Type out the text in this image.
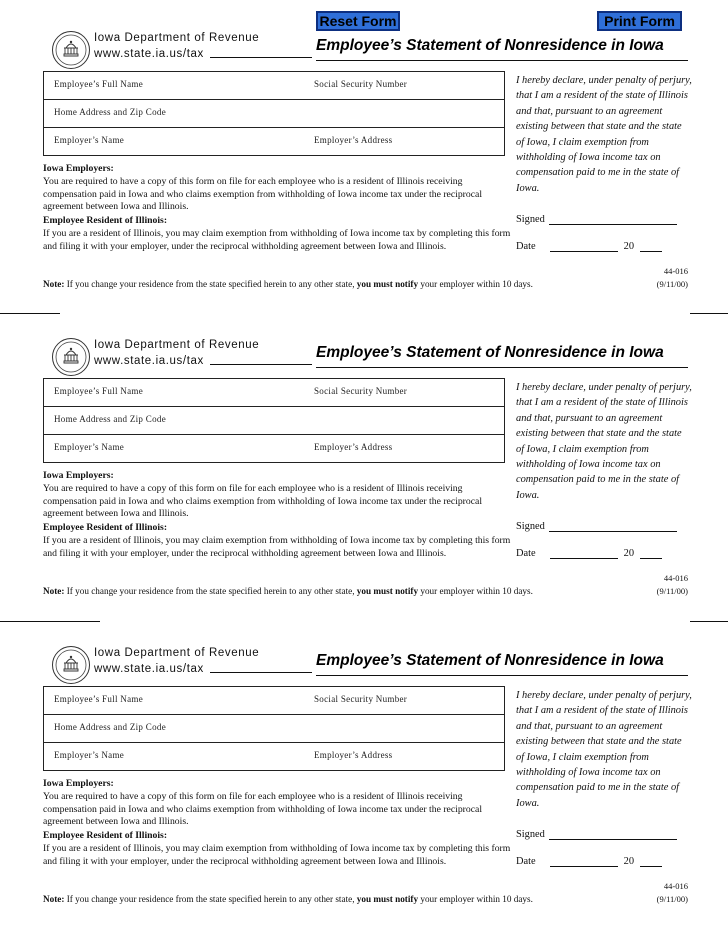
Reset Form	Print Form
Iowa Department of Revenue
www.state.ia.us/tax	Employee’s Statement of Nonresidence in Iowa
Employee’s Full Name	Social Security Number
Home Address and Zip Code
Employer’s Name	Employer’s Address
Iowa Employers:
You are required to have a copy of this form on file for each employee who is a resident of Illinois receiving compensation paid in Iowa and who claims exemption from withholding of Iowa income tax under the reciprocal agreement between Iowa and Illinois.
Employee Resident of Illinois:
If you are a resident of Illinois, you may claim exemption from withholding of Iowa income tax by completing this form and filing it with your employer, under the reciprocal withholding agreement between Iowa and Illinois.
I hereby declare, under penalty of perjury, that I am a resident of the state of Illinois and that, pursuant to an agreement existing between that state and the state of Iowa, I claim exemption from withholding of Iowa income tax on compensation paid to me in the state of Iowa.
Signed
Date	20
44-016
(9/11/00)
Note: If you change your residence from the state specified herein to any other state, you must notify your employer within 10 days.
Iowa Department of Revenue
www.state.ia.us/tax	Employee’s Statement of Nonresidence in Iowa
Employee’s Full Name	Social Security Number
Home Address and Zip Code
Employer’s Name	Employer’s Address
Iowa Employers:
You are required to have a copy of this form on file for each employee who is a resident of Illinois receiving compensation paid in Iowa and who claims exemption from withholding of Iowa income tax under the reciprocal agreement between Iowa and Illinois.
Employee Resident of Illinois:
If you are a resident of Illinois, you may claim exemption from withholding of Iowa income tax by completing this form and filing it with your employer, under the reciprocal withholding agreement between Iowa and Illinois.
I hereby declare, under penalty of perjury, that I am a resident of the state of Illinois and that, pursuant to an agreement existing between that state and the state of Iowa, I claim exemption from withholding of Iowa income tax on compensation paid to me in the state of Iowa.
Signed
Date	20
44-016
(9/11/00)
Note: If you change your residence from the state specified herein to any other state, you must notify your employer within 10 days.
Iowa Department of Revenue
www.state.ia.us/tax	Employee’s Statement of Nonresidence in Iowa
Employee’s Full Name	Social Security Number
Home Address and Zip Code
Employer’s Name	Employer’s Address
Iowa Employers:
You are required to have a copy of this form on file for each employee who is a resident of Illinois receiving compensation paid in Iowa and who claims exemption from withholding of Iowa income tax under the reciprocal agreement between Iowa and Illinois.
Employee Resident of Illinois:
If you are a resident of Illinois, you may claim exemption from withholding of Iowa income tax by completing this form and filing it with your employer, under the reciprocal withholding agreement between Iowa and Illinois.
I hereby declare, under penalty of perjury, that I am a resident of the state of Illinois and that, pursuant to an agreement existing between that state and the state of Iowa, I claim exemption from withholding of Iowa income tax on compensation paid to me in the state of Iowa.
Signed
Date	20
44-016
(9/11/00)
Note: If you change your residence from the state specified herein to any other state, you must notify your employer within 10 days.
